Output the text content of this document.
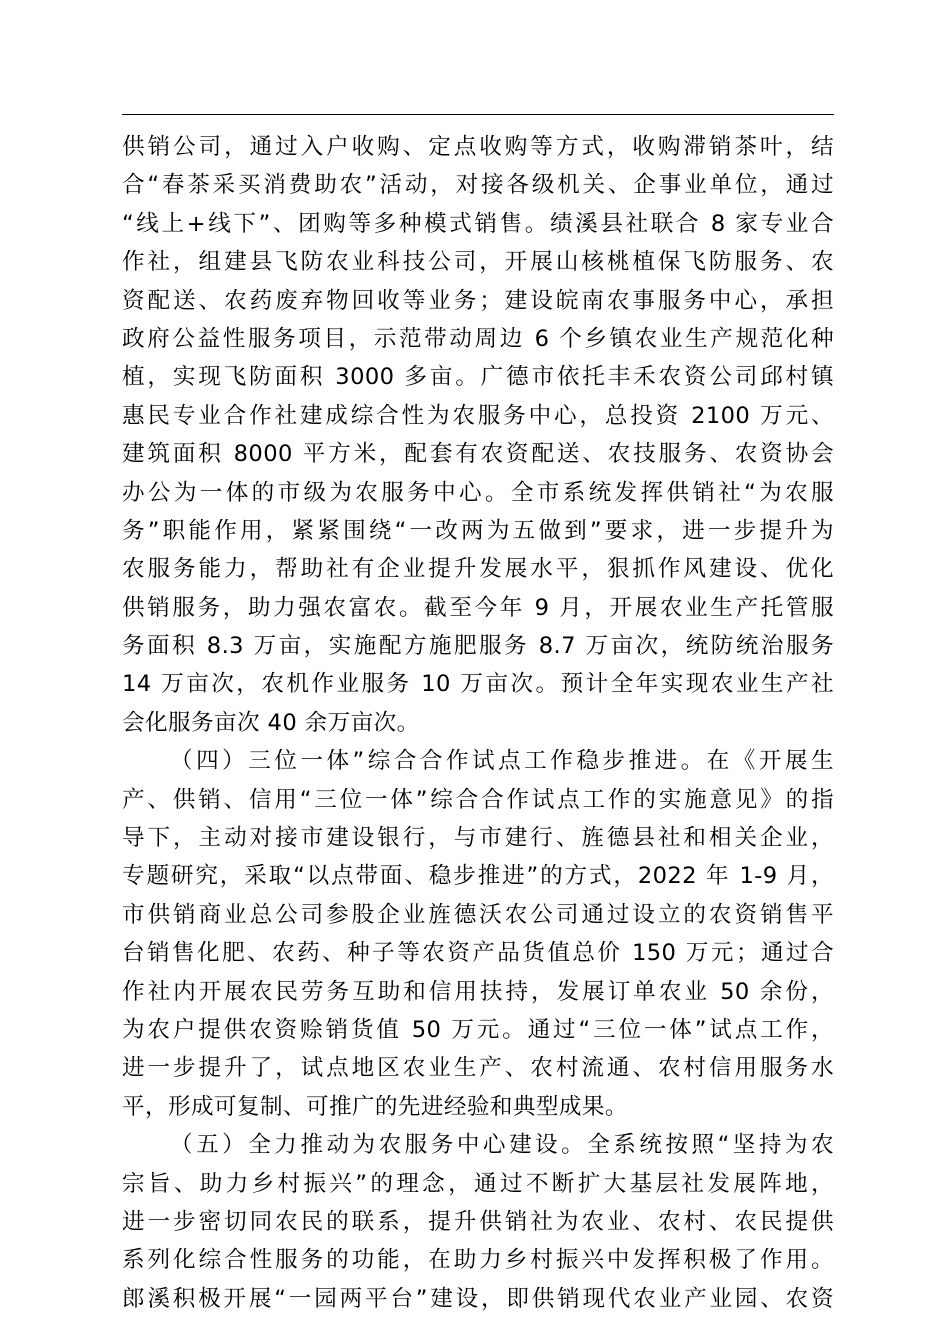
供销公司，通过入户收购、定点收购等方式，收购滞销茶叶，结
合“春茶采买消费助农”活动，对接各级机关、企事业单位，通过
“线上+线下”、团购等多种模式销售。绩溪县社联合 8 家专业合
作社，组建县飞防农业科技公司，开展山核桃植保飞防服务、农
资配送、农药废弃物回收等业务；建设皖南农事服务中心，承担
政府公益性服务项目，示范带动周边 6 个乡镇农业生产规范化种
植，实现飞防面积 3000 多亩。广德市依托丰禾农资公司邱村镇
惠民专业合作社建成综合性为农服务中心，总投资 2100 万元、
建筑面积 8000 平方米，配套有农资配送、农技服务、农资协会
办公为一体的市级为农服务中心。全市系统发挥供销社“为农服
务”职能作用，紧紧围绕“一改两为五做到”要求，进一步提升为
农服务能力，帮助社有企业提升发展水平，狠抓作风建设、优化
供销服务，助力强农富农。截至今年 9 月，开展农业生产托管服
务面积 8.3 万亩，实施配方施肥服务 8.7 万亩次，统防统治服务
14 万亩次，农机作业服务 10 万亩次。预计全年实现农业生产社
会化服务亩次 40 余万亩次。
（四）三位一体”综合合作试点工作稳步推进。在《开展生
产、供销、信用“三位一体”综合合作试点工作的实施意见》的指
导下，主动对接市建设银行，与市建行、旌德县社和相关企业，
专题研究，采取“以点带面、稳步推进”的方式，2022 年 1-9 月，
市供销商业总公司参股企业旌德沃农公司通过设立的农资销售平
台销售化肥、农药、种子等农资产品货值总价 150 万元；通过合
作社内开展农民劳务互助和信用扶持，发展订单农业 50 余份，
为农户提供农资赊销货值 50 万元。通过“三位一体”试点工作，
进一步提升了，试点地区农业生产、农村流通、农村信用服务水
平，形成可复制、可推广的先进经验和典型成果。
（五）全力推动为农服务中心建设。全系统按照“坚持为农
宗旨、助力乡村振兴”的理念，通过不断扩大基层社发展阵地，
进一步密切同农民的联系，提升供销社为农业、农村、农民提供
系列化综合性服务的功能，在助力乡村振兴中发挥积极了作用。
郎溪积极开展“一园两平台”建设，即供销现代农业产业园、农资
